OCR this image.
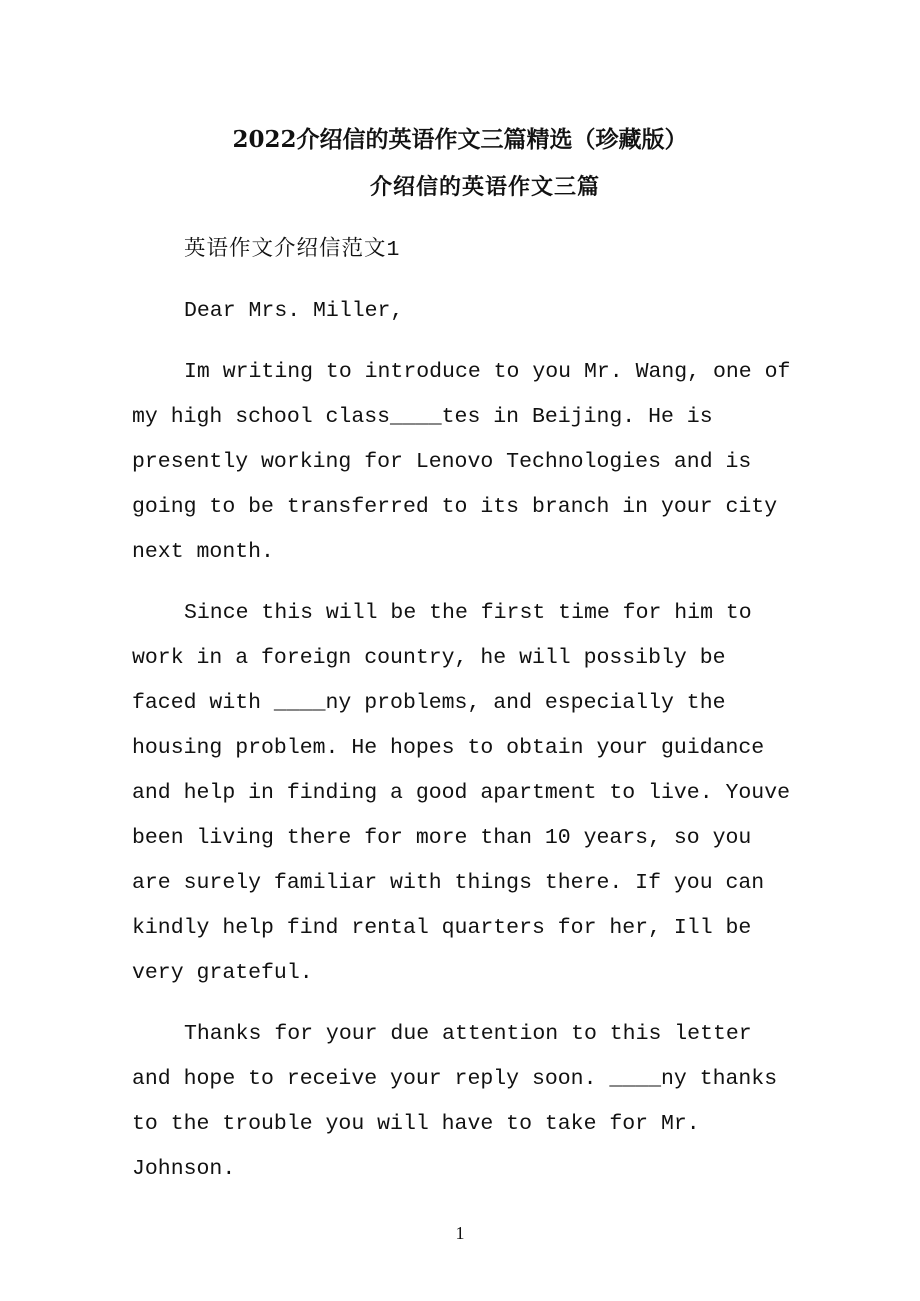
2022介绍信的英语作文三篇精选（珍藏版）
介绍信的英语作文三篇

英语作文介绍信范文1

Dear Mrs. Miller,

Im writing to introduce to you Mr. Wang, one of my high school class____tes in Beijing. He is presently working for Lenovo Technologies and is going to be transferred to its branch in your city next month.

Since this will be the first time for him to work in a foreign country, he will possibly be faced with ____ny problems, and especially the housing problem. He hopes to obtain your guidance and help in finding a good apartment to live. Youve been living there for more than 10 years, so you are surely familiar with things there. If you can kindly help find rental quarters for her, Ill be very grateful.

Thanks for your due attention to this letter and hope to receive your reply soon. ____ny thanks to the trouble you will have to take for Mr. Johnson.

1
